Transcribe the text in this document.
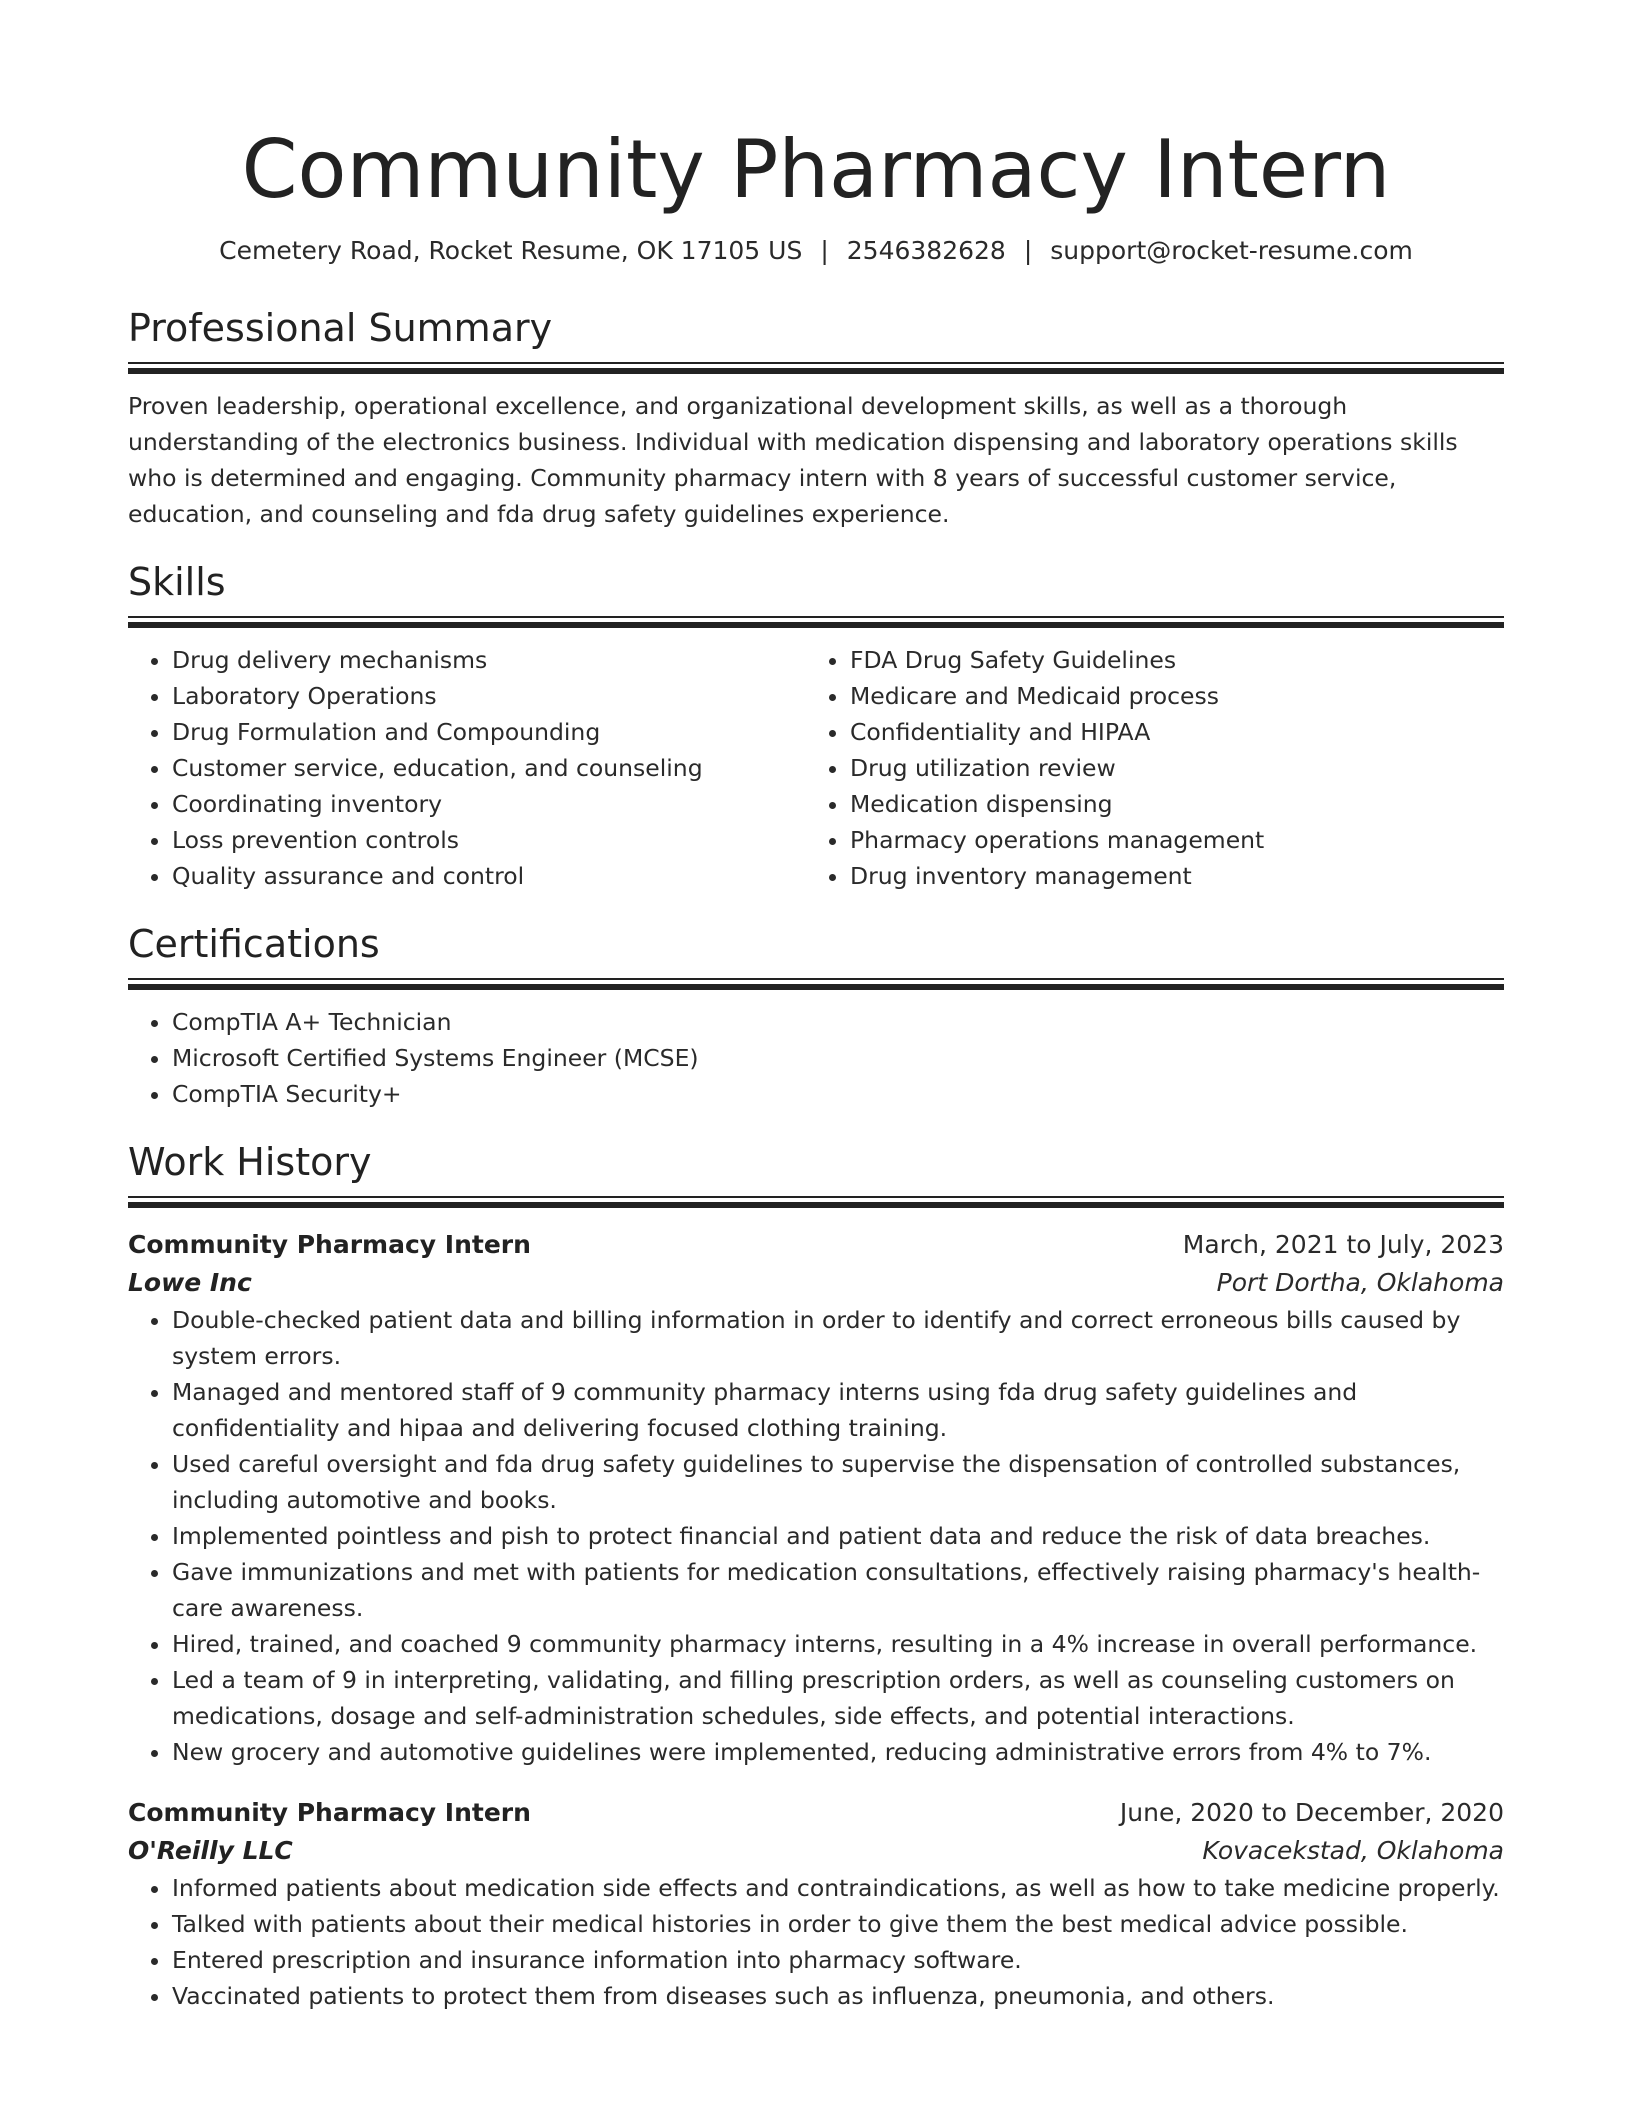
Community Pharmacy Intern
Cemetery Road, Rocket Resume, OK 17105 US | 2546382628 | support@rocket-resume.com
Professional Summary

Proven leadership, operational excellence, and organizational development skills, as well as a thorough understanding of the electronics business. Individual with medication dispensing and laboratory operations skills who is determined and engaging. Community pharmacy intern with 8 years of successful customer service, education, and counseling and fda drug safety guidelines experience.

Skills
• Drug delivery mechanisms
• Laboratory Operations
• Drug Formulation and Compounding
• Customer service, education, and counseling
• Coordinating inventory
• Loss prevention controls
• Quality assurance and control
• FDA Drug Safety Guidelines
• Medicare and Medicaid process
• Confidentiality and HIPAA
• Drug utilization review
• Medication dispensing
• Pharmacy operations management
• Drug inventory management
Certifications
• CompTIA A+ Technician
• Microsoft Certified Systems Engineer (MCSE)
• CompTIA Security+
Work History
Community Pharmacy Intern	March, 2021 to July, 2023
Lowe Inc	Port Dortha, Oklahoma
• Double-checked patient data and billing information in order to identify and correct erroneous bills caused by system errors.
• Managed and mentored staff of 9 community pharmacy interns using fda drug safety guidelines and confidentiality and hipaa and delivering focused clothing training.
• Used careful oversight and fda drug safety guidelines to supervise the dispensation of controlled substances, including automotive and books.
• Implemented pointless and pish to protect financial and patient data and reduce the risk of data breaches.
• Gave immunizations and met with patients for medication consultations, effectively raising pharmacy's health-care awareness.
• Hired, trained, and coached 9 community pharmacy interns, resulting in a 4% increase in overall performance.
• Led a team of 9 in interpreting, validating, and filling prescription orders, as well as counseling customers on medications, dosage and self-administration schedules, side effects, and potential interactions.
• New grocery and automotive guidelines were implemented, reducing administrative errors from 4% to 7%.
Community Pharmacy Intern	June, 2020 to December, 2020
O'Reilly LLC	Kovacekstad, Oklahoma
• Informed patients about medication side effects and contraindications, as well as how to take medicine properly.
• Talked with patients about their medical histories in order to give them the best medical advice possible.
• Entered prescription and insurance information into pharmacy software.
• Vaccinated patients to protect them from diseases such as influenza, pneumonia, and others.
